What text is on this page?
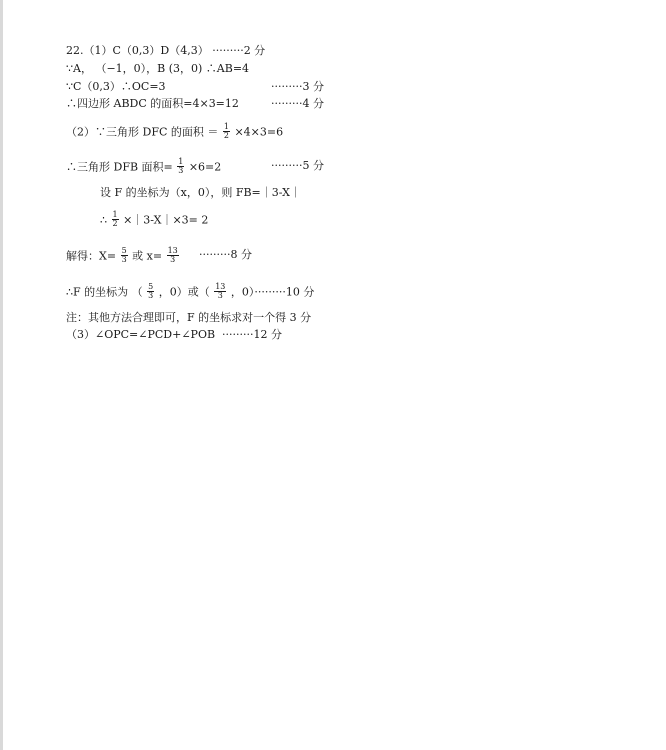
22.（1）C（0,3）D（4,3） ·········2 分
∵A， （−1，0），B (3，0) ∴AB=4
∵C（0,3）∴OC=3	·········3 分
∴四边形 ABDC 的面积=4×3=12	·········4 分
（2）∵三角形 DFC 的面积 ＝ $\frac{1}{2} \times 4\times 3=6$
∴三角形 DFB 面积= $\frac{1}{3} \times 6=2$	·········5 分
设 F 的坐标为（x，0），则 FB=｜3-X｜
∴ $\frac{1}{2}$ ×｜3-X｜×3= 2
解得：$X= \frac{5}{3}$ 或 $x= \frac{13}{3} \cdot\cdot\cdot\cdot\cdot\cdot\cdot\cdot\cdot 8$ 分
∴F 的坐标为 （ $\frac{5}{3}$ ，0）或（ $\frac{13}{3}$ ，0）·········10 分
注：其他方法合理即可，F 的坐标求对一个得 3 分
（3）∠OPC=∠PCD+∠POB ·········12 分
